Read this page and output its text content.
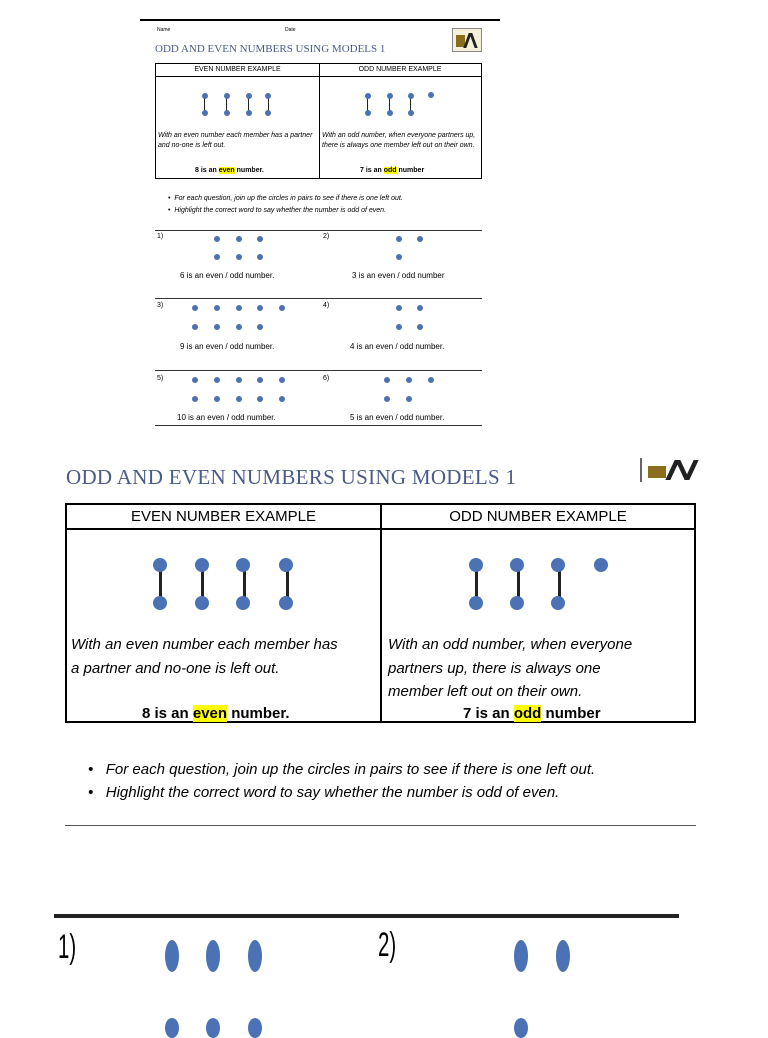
Name	Date
ODD AND EVEN NUMBERS USING MODELS 1
EVEN NUMBER EXAMPLE	ODD NUMBER EXAMPLE
With an even number each member has a partner and no-one is left out.
With an odd number, when everyone partners up, there is always one member left out on their own.
8 is an even number.	7 is an odd number
•  For each question, join up the circles in pairs to see if there is one left out.
•  Highlight the correct word to say whether the number is odd of even.
1)
6 is an even / odd number.
2)
3 is an even / odd number
3)
9 is an even / odd number.
4)
4 is an even / odd number.
5)
10 is an even / odd number.
6)
5 is an even / odd number.
ODD AND EVEN NUMBERS USING MODELS 1
EVEN NUMBER EXAMPLE	ODD NUMBER EXAMPLE
With an even number each member has
a partner and no-one is left out.
With an odd number, when everyone
partners up, there is always one
member left out on their own.
8 is an even number.	7 is an odd number
•   For each question, join up the circles in pairs to see if there is one left out.
•   Highlight the correct word to say whether the number is odd of even.
1)	2)
